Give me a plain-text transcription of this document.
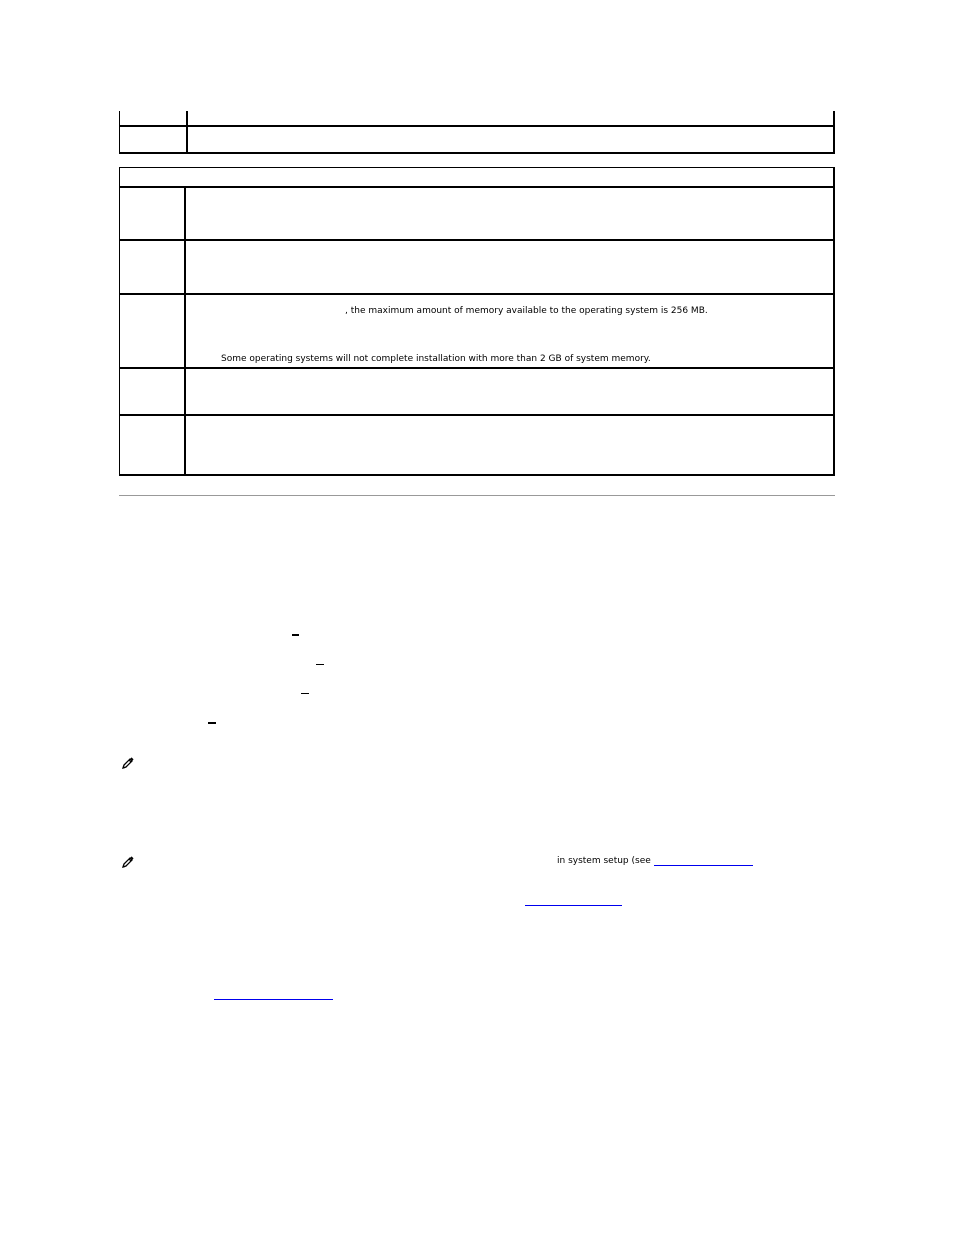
, the maximum amount of memory available to the operating system is 256 MB.
Some operating systems will not complete installation with more than 2 GB of system memory.
in system setup (see
